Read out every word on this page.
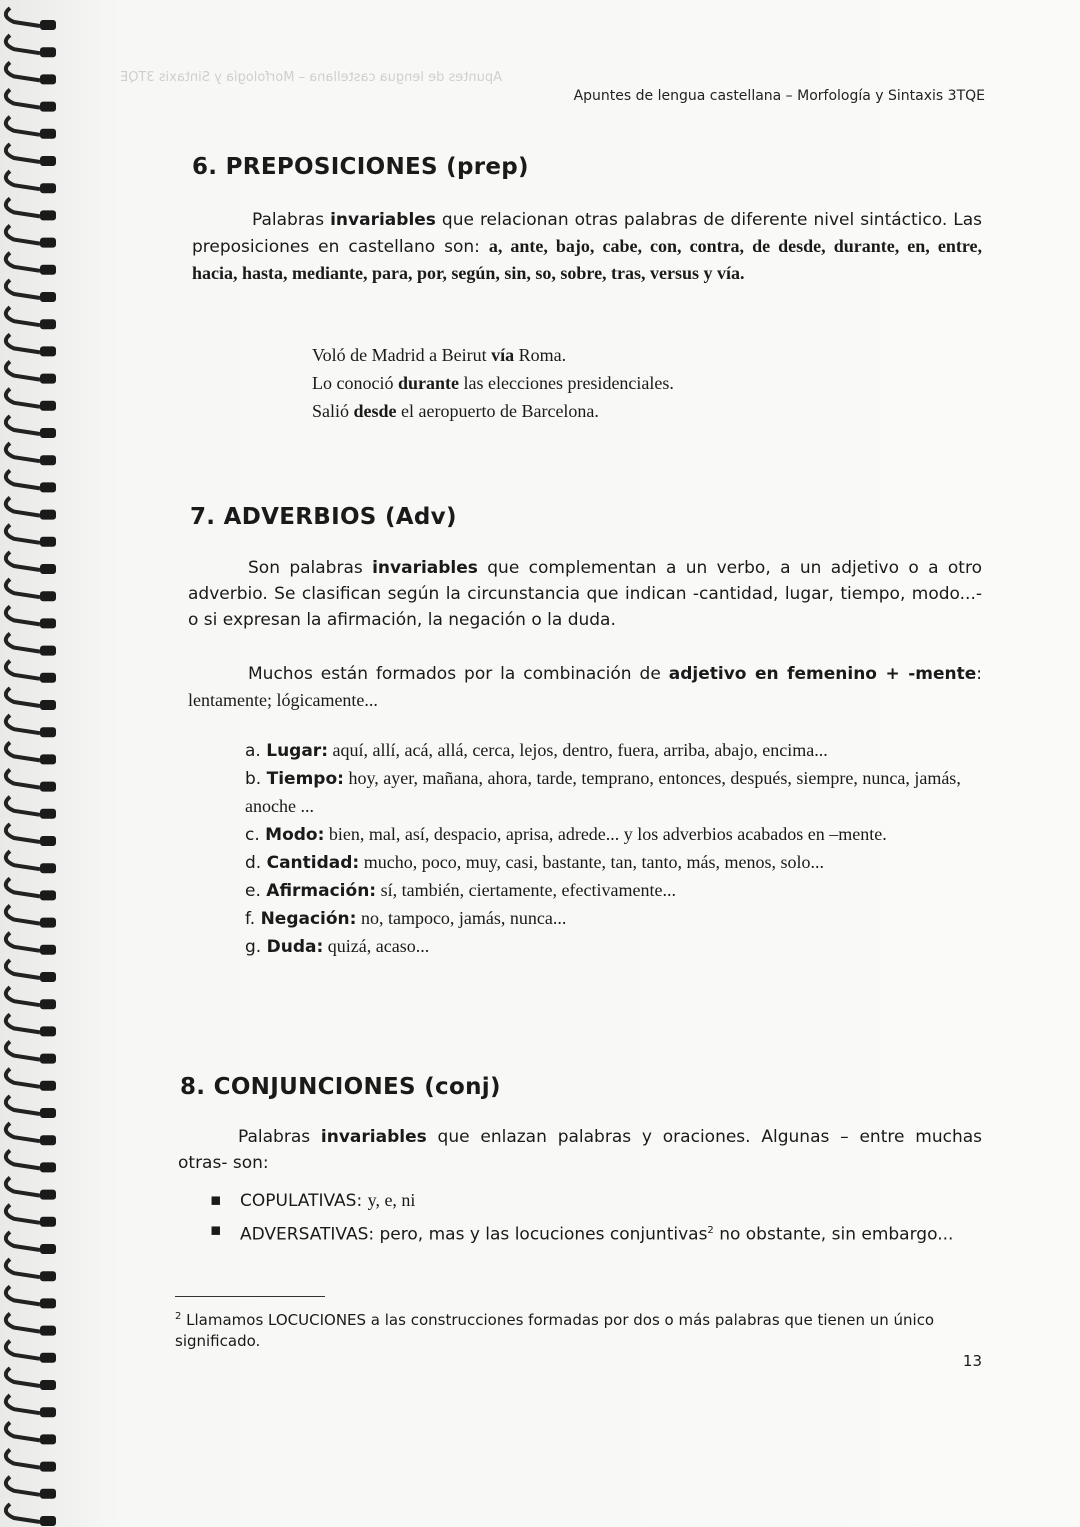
Apuntes de lengua castellana – Morfología y Sintaxis 3TQE
Apuntes de lengua castellana – Morfología y Sintaxis 3TQE
6. PREPOSICIONES (prep)
Palabras invariables que relacionan otras palabras de diferente nivel sintáctico. Las preposiciones en castellano son: a, ante, bajo, cabe, con, contra, de desde, durante, en, entre, hacia, hasta, mediante, para, por, según, sin, so, sobre, tras, versus y vía.
Voló de Madrid a Beirut vía Roma.
Lo conoció durante las elecciones presidenciales.
Salió desde el aeropuerto de Barcelona.
7. ADVERBIOS (Adv)
Son palabras invariables que complementan a un verbo, a un adjetivo o a otro adverbio. Se clasifican según la circunstancia que indican -cantidad, lugar, tiempo, modo...- o si expresan la afirmación, la negación o la duda.
Muchos están formados por la combinación de adjetivo en femenino + -mente: lentamente; lógicamente...
a. Lugar: aquí, allí, acá, allá, cerca, lejos, dentro, fuera, arriba, abajo, encima...
b. Tiempo: hoy, ayer, mañana, ahora, tarde, temprano, entonces, después, siempre, nunca, jamás, anoche ...
c. Modo: bien, mal, así, despacio, aprisa, adrede... y los adverbios acabados en –mente.
d. Cantidad: mucho, poco, muy, casi, bastante, tan, tanto, más, menos, solo...
e. Afirmación: sí, también, ciertamente, efectivamente...
f. Negación: no, tampoco, jamás, nunca...
g. Duda: quizá, acaso...
8. CONJUNCIONES (conj)
Palabras invariables que enlazan palabras y oraciones. Algunas – entre muchas otras- son:
▪ COPULATIVAS: y, e, ni
▪ ADVERSATIVAS: pero, mas y las locuciones conjuntivas$^2$ no obstante, sin embargo...
$^2$ Llamamos LOCUCIONES a las construcciones formadas por dos o más palabras que tienen un único significado.
13
